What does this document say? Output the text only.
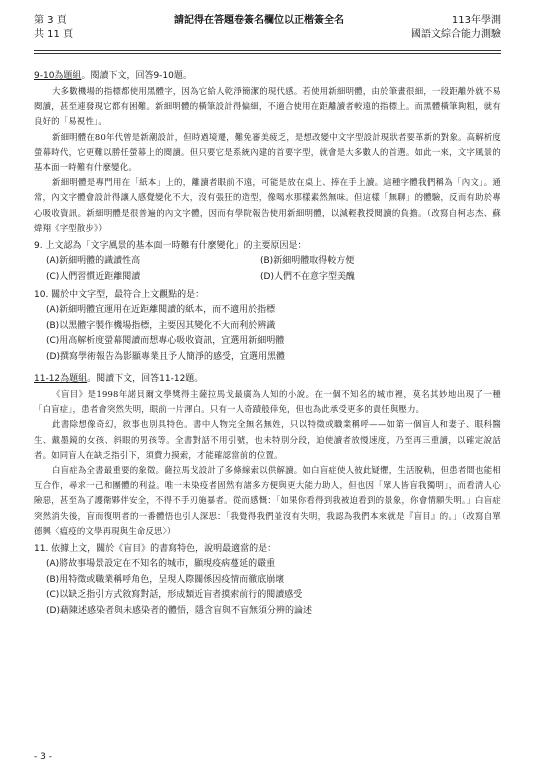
第 3 頁
共 11 頁
請記得在答題卷簽名欄位以正楷簽全名	113年學測
國語文綜合能力測驗
9-10為題組。閱讀下文，回答9-10題。
大多數機場的指標都使用黑體字，因為它給人乾淨簡潔的現代感。若使用新細明體，由於筆畫很細，一段距離外就不易閱讀，甚至連發現它都有困難。新細明體的橫筆設計得偏細，不適合使用在距離讀者較遠的指標上。而黑體橫筆夠粗，就有良好的「易視性」。
新細明體在80年代曾是新潮設計，但時過境遷，難免審美疲乏，是想改變中文字型設計現狀者要革新的對象。高解析度螢幕時代，它更難以勝任螢幕上的閱讀。但只要它是系統內建的首要字型，就會是大多數人的首選。如此一來，文字風景的基本面一時難有什麼變化。
新細明體是專門用在「紙本」上的，離讀者眼前不遠，可能是放在桌上、捧在手上讀。這種字體我們稱為「內文」。通常，內文字體會設計得讓人感覺變化不大，沒有張狂的造型，像喝水那樣素然無味。但這樣「無聊」的體驗，反而有助於專心吸收資訊。新細明體是很普遍的內文字體，因而有學院報告使用新細明體，以減輕教授閱讀的負擔。（改寫自柯志杰、蘇煒翔《字型散步》）
9. 上文認為「文字風景的基本面一時難有什麼變化」的主要原因是：
(A)新細明體的識讀性高	(B)新細明體取得較方便
(C)人們習慣近距離閱讀	(D)人們不在意字型美醜
10. 關於中文字型，最符合上文觀點的是：
(A)新細明體宜運用在近距離閱讀的紙本，而不適用於指標
(B)以黑體字製作機場指標，主要因其變化不大而利於辨識
(C)用高解析度螢幕閱讀而想專心吸收資訊，宜選用新細明體
(D)撰寫學術報告為影顯專業且予人簡淨的感受，宜選用黑體
11-12為題組。閱讀下文，回答11-12題。
《盲目》是1998年諾貝爾文學獎得主薩拉馬戈最廣為人知的小說。在一個不知名的城市裡，莫名其妙地出現了一種「白盲症」，患者會突然失明，眼前一片渾白。只有一人奇蹟般倖免，但也為此承受更多的責任與壓力。
此書除想像奇幻，敘事也別具特色。書中人物完全無名無姓，只以特徵或職業稱呼——如第一個盲人和妻子、眼科醫生、戴墨鏡的女孩、斜眼的男孩等。全書對話不用引號，也未特別分段，迫使讀者放慢速度，乃至再三重讀，以確定說話者。如同盲人在缺乏指引下，須費力摸索，才能確認當前的位置。
白盲症為全書最重要的象徵。薩拉馬戈設計了多條線索以供解讀。如白盲症使人彼此疑懼，生活脫軌，但患者間也能相互合作，尋求一己和團體的利益。唯一未染疫者固然有諸多方便與更大能力助人，但也因「眾人皆盲我獨明」，而看清人心險惡，甚至為了護衛夥伴安全，不得不手刃施暴者。從而感慨：「如果你看得到我被迫看到的景象，你會情願失明。」白盲症突然消失後，盲而復明者的一番體悟也引人深思：「我覺得我們並沒有失明，我認為我們本來就是『盲目』的。」（改寫自單德興〈瘟疫的文學再現與生命反思〉）
11. 依據上文，關於《盲目》的書寫特色，說明最適當的是：
(A)將故事場景設定在不知名的城市，顯現疫病蔓延的嚴重
(B)用特徵或職業稱呼角色，呈現人際關係因疫情而徹底崩壞
(C)以缺乏指引方式敘寫對話，形成類近盲者摸索前行的閱讀感受
(D)藉陳述感染者與未感染者的體悟，隱含盲與不盲無須分辨的論述
- 3 -
